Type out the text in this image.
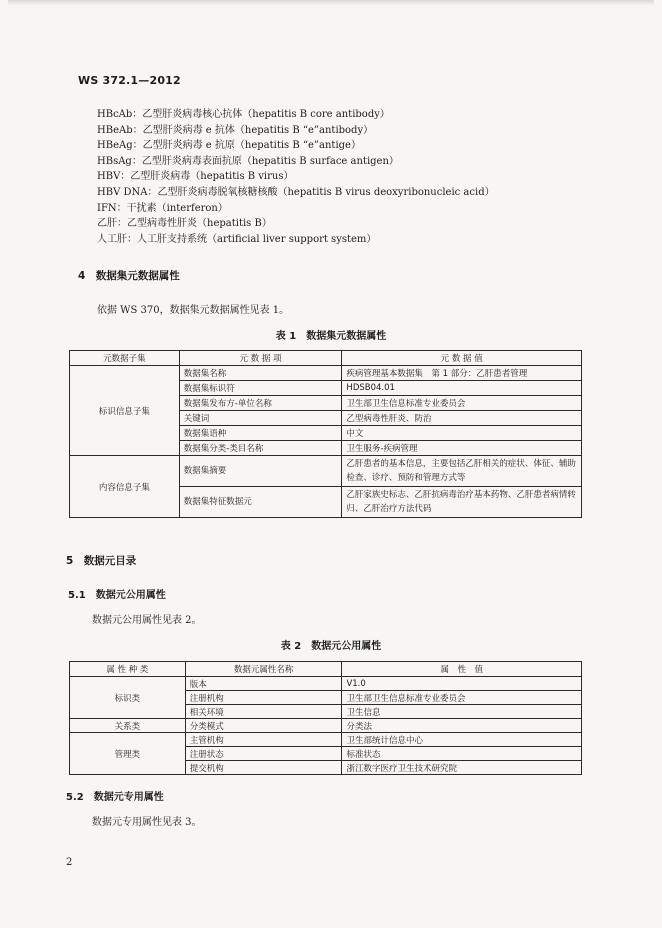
WS 372.1—2012
HBcAb：乙型肝炎病毒核心抗体（hepatitis B core antibody）
HBeAb：乙型肝炎病毒 e 抗体（hepatitis B “e”antibody）
HBeAg：乙型肝炎病毒 e 抗原（hepatitis B “e”antige）
HBsAg：乙型肝炎病毒表面抗原（hepatitis B surface antigen）
HBV：乙型肝炎病毒（hepatitis B virus）
HBV DNA：乙型肝炎病毒脱氧核糖核酸（hepatitis B virus deoxyribonucleic acid）
IFN：干扰素（interferon）
乙肝：乙型病毒性肝炎（hepatitis B）
人工肝：人工肝支持系统（artificial liver support system）
4　数据集元数据属性
依据 WS 370，数据集元数据属性见表 1。
表 1　数据集元数据属性
元数据子集	元 数 据 项	元 数 据 值
标识信息子集	数据集名称	疾病管理基本数据集　第 1 部分：乙肝患者管理
	数据集标识符	HDSB04.01
	数据集发布方-单位名称	卫生部卫生信息标准专业委员会
	关键词	乙型病毒性肝炎、防治
	数据集语种	中文
	数据集分类-类目名称	卫生服务-疾病管理
内容信息子集	数据集摘要	乙肝患者的基本信息，主要包括乙肝相关的症状、体征、辅助检查、诊疗、预防和管理方式等
	数据集特征数据元	乙肝家族史标志、乙肝抗病毒治疗基本药物、乙肝患者病情转归、乙肝治疗方法代码
5　数据元目录
5.1　数据元公用属性
数据元公用属性见表 2。
表 2　数据元公用属性
属 性 种 类	数据元属性名称	属　性　值
标识类	版本	V1.0
	注册机构	卫生部卫生信息标准专业委员会
	相关环境	卫生信息
关系类	分类模式	分类法
管理类	主管机构	卫生部统计信息中心
	注册状态	标准状态
	提交机构	浙江数字医疗卫生技术研究院
5.2　数据元专用属性
数据元专用属性见表 3。
2
